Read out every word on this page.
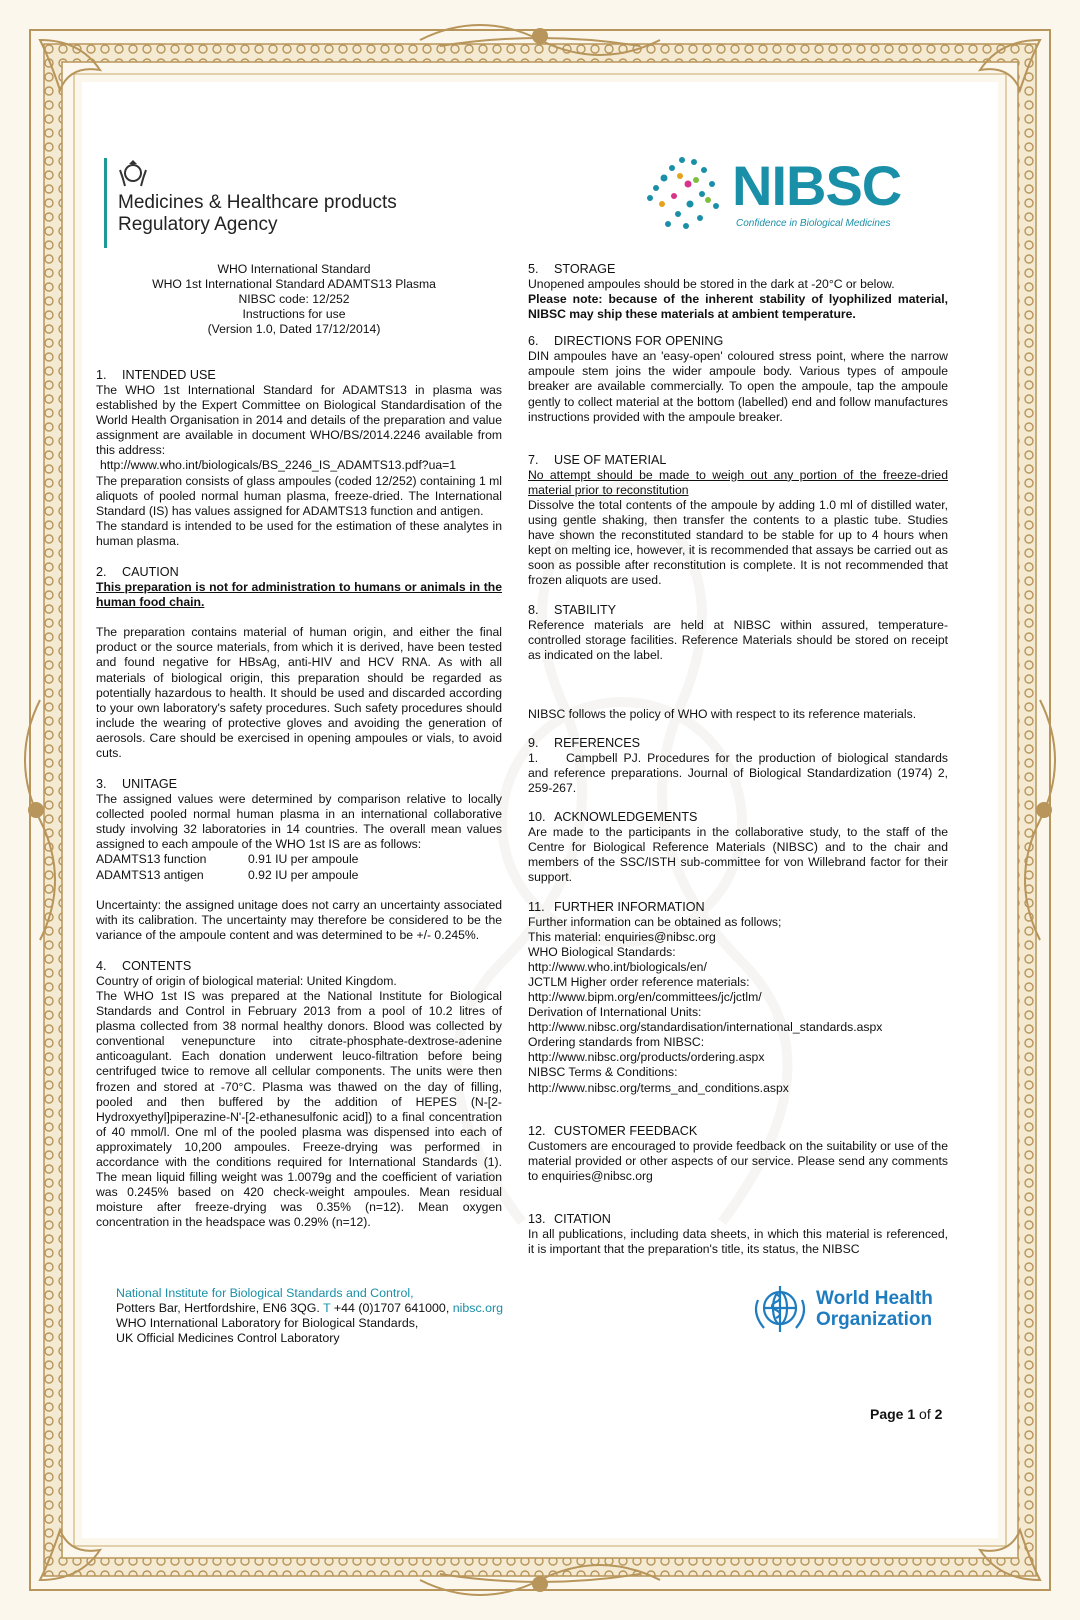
Medicines & Healthcare products
Regulatory Agency
NIBSC
Confidence in Biological Medicines
WHO International Standard
WHO 1st International Standard ADAMTS13 Plasma
NIBSC code: 12/252
Instructions for use
(Version 1.0, Dated 17/12/2014)

1. INTENDED USE

The WHO 1st International Standard for ADAMTS13 in plasma was established by the Expert Committee on Biological Standardisation of the World Health Organisation in 2014 and details of the preparation and value assignment are available in document WHO/BS/2014.2246 available from this address:

http://www.who.int/biologicals/BS_2246_IS_ADAMTS13.pdf?ua=1

The preparation consists of glass ampoules (coded 12/252) containing 1 ml aliquots of pooled normal human plasma, freeze-dried. The International Standard (IS) has values assigned for ADAMTS13 function and antigen.

The standard is intended to be used for the estimation of these analytes in human plasma.

2. CAUTION

This preparation is not for administration to humans or animals in the human food chain.

The preparation contains material of human origin, and either the final product or the source materials, from which it is derived, have been tested and found negative for HBsAg, anti-HIV and HCV RNA. As with all materials of biological origin, this preparation should be regarded as potentially hazardous to health. It should be used and discarded according to your own laboratory's safety procedures. Such safety procedures should include the wearing of protective gloves and avoiding the generation of aerosols. Care should be exercised in opening ampoules or vials, to avoid cuts.

3. UNITAGE

The assigned values were determined by comparison relative to locally collected pooled normal human plasma in an international collaborative study involving 32 laboratories in 14 countries. The overall mean values assigned to each ampoule of the WHO 1st IS are as follows:

ADAMTS13 function	0.91 IU per ampoule
ADAMTS13 antigen	0.92 IU per ampoule

Uncertainty: the assigned unitage does not carry an uncertainty associated with its calibration. The uncertainty may therefore be considered to be the variance of the ampoule content and was determined to be +/- 0.245%.

4. CONTENTS

Country of origin of biological material: United Kingdom.

The WHO 1st IS was prepared at the National Institute for Biological Standards and Control in February 2013 from a pool of 10.2 litres of plasma collected from 38 normal healthy donors. Blood was collected by conventional venepuncture into citrate-phosphate-dextrose-adenine anticoagulant. Each donation underwent leuco-filtration before being centrifuged twice to remove all cellular components. The units were then frozen and stored at -70°C. Plasma was thawed on the day of filling, pooled and then buffered by the addition of HEPES (N-[2-Hydroxyethyl]piperazine-N'-[2-ethanesulfonic acid]) to a final concentration of 40 mmol/l. One ml of the pooled plasma was dispensed into each of approximately 10,200 ampoules. Freeze-drying was performed in accordance with the conditions required for International Standards (1). The mean liquid filling weight was 1.0079g and the coefficient of variation was 0.245% based on 420 check-weight ampoules. Mean residual moisture after freeze-drying was 0.35% (n=12). Mean oxygen concentration in the headspace was 0.29% (n=12).

5. STORAGE

Unopened ampoules should be stored in the dark at -20°C or below.

Please note: because of the inherent stability of lyophilized material, NIBSC may ship these materials at ambient temperature.

6. DIRECTIONS FOR OPENING

DIN ampoules have an 'easy-open' coloured stress point, where the narrow ampoule stem joins the wider ampoule body. Various types of ampoule breaker are available commercially. To open the ampoule, tap the ampoule gently to collect material at the bottom (labelled) end and follow manufactures instructions provided with the ampoule breaker.

7. USE OF MATERIAL

No attempt should be made to weigh out any portion of the freeze-dried material prior to reconstitution

Dissolve the total contents of the ampoule by adding 1.0 ml of distilled water, using gentle shaking, then transfer the contents to a plastic tube. Studies have shown the reconstituted standard to be stable for up to 4 hours when kept on melting ice, however, it is recommended that assays be carried out as soon as possible after reconstitution is complete. It is not recommended that frozen aliquots are used.

8. STABILITY

Reference materials are held at NIBSC within assured, temperature-controlled storage facilities. Reference Materials should be stored on receipt as indicated on the label.

NIBSC follows the policy of WHO with respect to its reference materials.

9. REFERENCES

1. Campbell PJ. Procedures for the production of biological standards and reference preparations. Journal of Biological Standardization (1974) 2, 259-267.

10. ACKNOWLEDGEMENTS

Are made to the participants in the collaborative study, to the staff of the Centre for Biological Reference Materials (NIBSC) and to the chair and members of the SSC/ISTH sub-committee for von Willebrand factor for their support.

11. FURTHER INFORMATION

Further information can be obtained as follows;

This material: enquiries@nibsc.org

WHO Biological Standards:

http://www.who.int/biologicals/en/

JCTLM Higher order reference materials:

http://www.bipm.org/en/committees/jc/jctlm/

Derivation of International Units:

http://www.nibsc.org/standardisation/international_standards.aspx

Ordering standards from NIBSC:

http://www.nibsc.org/products/ordering.aspx

NIBSC Terms & Conditions:

http://www.nibsc.org/terms_and_conditions.aspx

12. CUSTOMER FEEDBACK

Customers are encouraged to provide feedback on the suitability or use of the material provided or other aspects of our service. Please send any comments to enquiries@nibsc.org

13. CITATION

In all publications, including data sheets, in which this material is referenced, it is important that the preparation's title, its status, the NIBSC

National Institute for Biological Standards and Control,
Potters Bar, Hertfordshire, EN6 3QG. T +44 (0)1707 641000, nibsc.org
WHO International Laboratory for Biological Standards,
UK Official Medicines Control Laboratory
World Health
Organization
Page 1 of 2
